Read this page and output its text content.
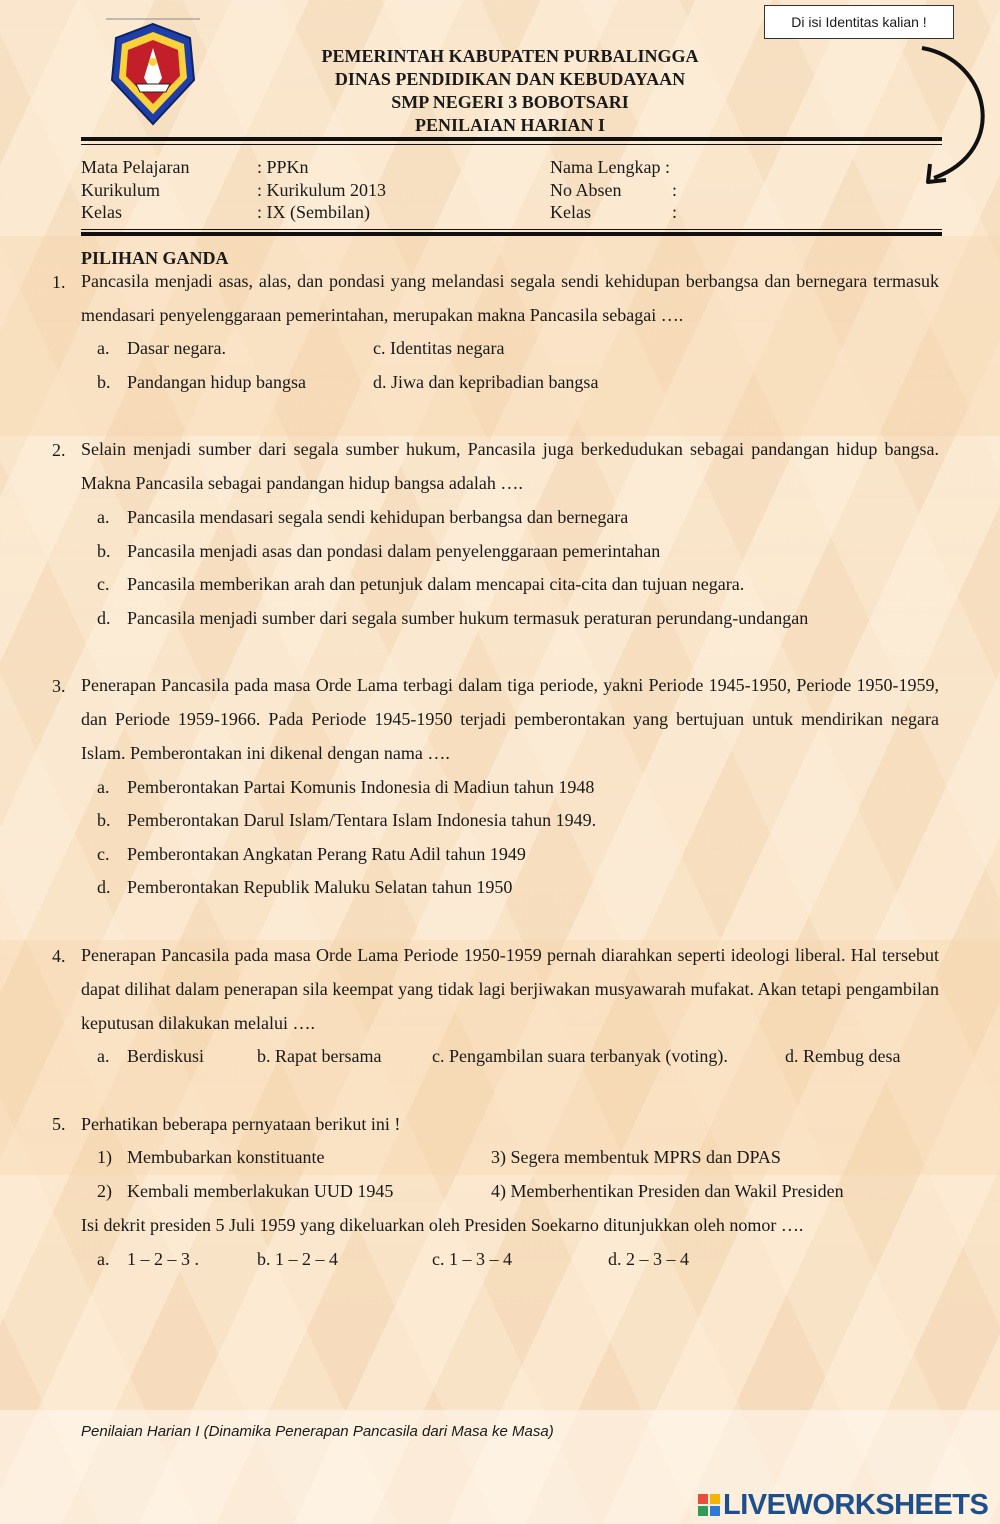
Di isi Identitas kalian !
PEMERINTAH KABUPATEN PURBALINGGA
DINAS PENDIDIKAN DAN KEBUDAYAAN
SMP NEGERI 3 BOBOTSARI
PENILAIAN HARIAN I
Mata Pelajaran	: PPKn
Kurikulum	: Kurikulum 2013
Kelas	: IX (Sembilan)
Nama Lengkap :
No Absen	:
Kelas	:
PILIHAN GANDA
1. Pancasila menjadi asas, alas, dan pondasi yang melandasi segala sendi kehidupan berbangsa dan bernegara termasuk mendasari penyelenggaraan pemerintahan, merupakan makna Pancasila sebagai ….
a. Dasar negara.	c. Identitas negara
b. Pandangan hidup bangsa	d. Jiwa dan kepribadian bangsa
2. Selain menjadi sumber dari segala sumber hukum, Pancasila juga berkedudukan sebagai pandangan hidup bangsa. Makna Pancasila sebagai pandangan hidup bangsa adalah ….
a. Pancasila mendasari segala sendi kehidupan berbangsa dan bernegara
b. Pancasila menjadi asas dan pondasi dalam penyelenggaraan pemerintahan
c. Pancasila memberikan arah dan petunjuk dalam mencapai cita-cita dan tujuan negara.
d. Pancasila menjadi sumber dari segala sumber hukum termasuk peraturan perundang-undangan
3. Penerapan Pancasila pada masa Orde Lama terbagi dalam tiga periode, yakni Periode 1945-1950, Periode 1950-1959, dan Periode 1959-1966. Pada Periode 1945-1950 terjadi pemberontakan yang bertujuan untuk mendirikan negara Islam. Pemberontakan ini dikenal dengan nama ….
a. Pemberontakan Partai Komunis Indonesia di Madiun tahun 1948
b. Pemberontakan Darul Islam/Tentara Islam Indonesia tahun 1949.
c. Pemberontakan Angkatan Perang Ratu Adil tahun 1949
d. Pemberontakan Republik Maluku Selatan tahun 1950
4. Penerapan Pancasila pada masa Orde Lama Periode 1950-1959 pernah diarahkan seperti ideologi liberal. Hal tersebut dapat dilihat dalam penerapan sila keempat yang tidak lagi berjiwakan musyawarah mufakat. Akan tetapi pengambilan keputusan dilakukan melalui ….
a. Berdiskusi	b. Rapat bersama	c. Pengambilan suara terbanyak (voting).	d. Rembug desa
5. Perhatikan beberapa pernyataan berikut ini !
1) Membubarkan konstituante	3) Segera membentuk MPRS dan DPAS
2) Kembali memberlakukan UUD 1945	4) Memberhentikan Presiden dan Wakil Presiden
Isi dekrit presiden 5 Juli 1959 yang dikeluarkan oleh Presiden Soekarno ditunjukkan oleh nomor ….
a. 1 – 2 – 3 .	b. 1 – 2 – 4	c. 1 – 3 – 4	d. 2 – 3 – 4
Penilaian Harian I (Dinamika Penerapan Pancasila dari Masa ke Masa)
LIVEWORKSHEETS
